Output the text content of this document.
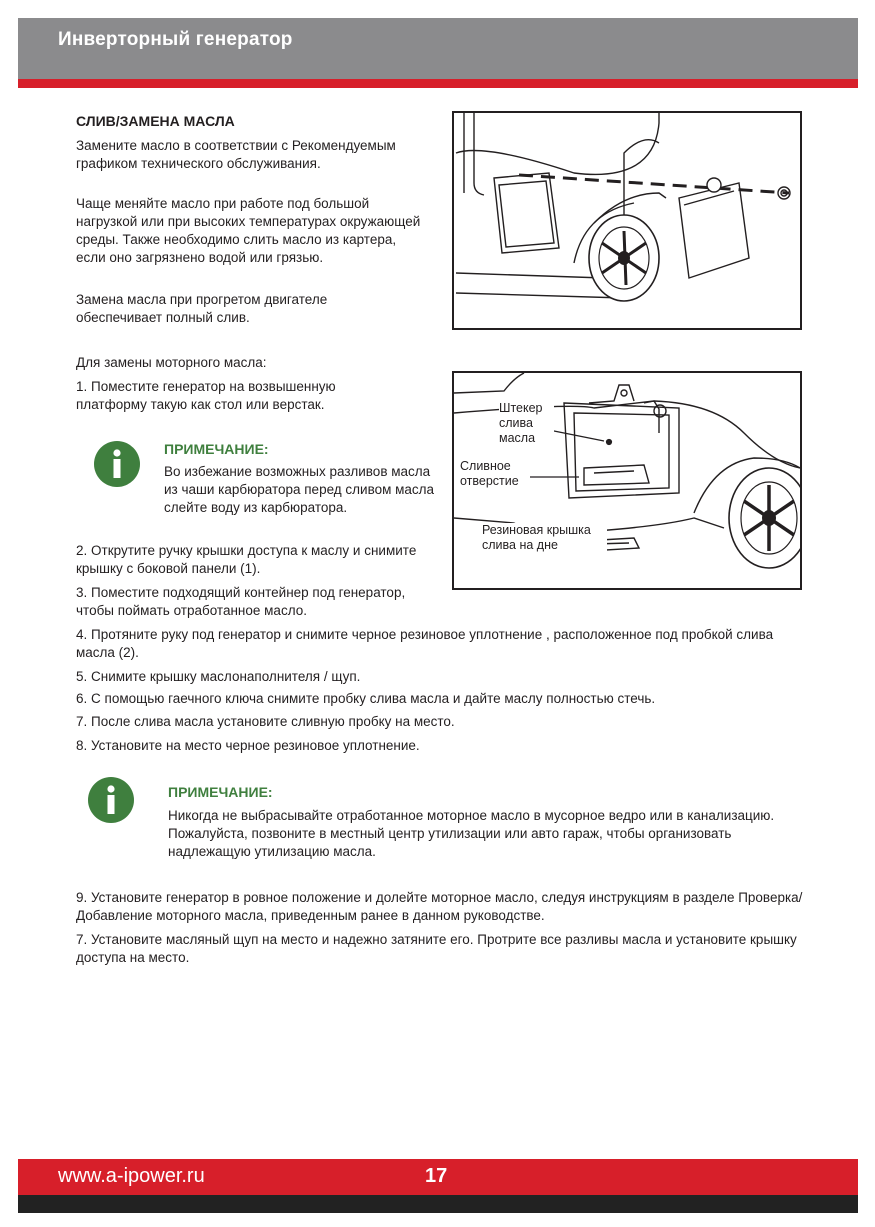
Инверторный генератор

СЛИВ/ЗАМЕНА МАСЛА

Замените масло в соответствии с Рекомендуемым графиком технического обслуживания.

Чаще меняйте масло при работе под большой нагрузкой или при высоких температурах окружающей среды. Также необходимо слить масло из картера, если оно загрязнено водой или грязью.

Замена масла при прогретом двигателе обеспечивает полный слив.

Для замены моторного масла:

1. Поместите генератор на возвышенную платформу такую как стол или верстак.

ПРИМЕЧАНИЕ:

Во избежание возможных разливов масла из чаши карбюратора перед сливом масла слейте воду из карбюратора.

Штекер слива масла
Сливное отверстие
Резиновая крышка слива на дне

2. Открутите ручку крышки доступа к маслу и снимите крышку с боковой панели (1).

3. Поместите подходящий контейнер под генератор, чтобы поймать отработанное масло.

4. Протяните руку под генератор и снимите черное резиновое уплотнение , расположенное под пробкой слива масла (2).

5. Снимите крышку маслонаполнителя / щуп.

6. С помощью гаечного ключа снимите пробку слива масла и дайте маслу полностью стечь.

7. После слива масла установите сливную пробку на место.

8. Установите на место черное резиновое уплотнение.

ПРИМЕЧАНИЕ:

Никогда не выбрасывайте отработанное моторное масло в мусорное ведро или в канализацию. Пожалуйста, позвоните в местный центр утилизации или авто гараж, чтобы организовать надлежащую утилизацию масла.

9. Установите генератор в ровное положение и долейте моторное масло, следуя инструкциям в разделе Проверка/Добавление моторного масла, приведенным ранее в данном руководстве.

7. Установите масляный щуп на место и надежно затяните его. Протрите все разливы масла и установите крышку доступа на место.

www.a-ipower.ru	17
